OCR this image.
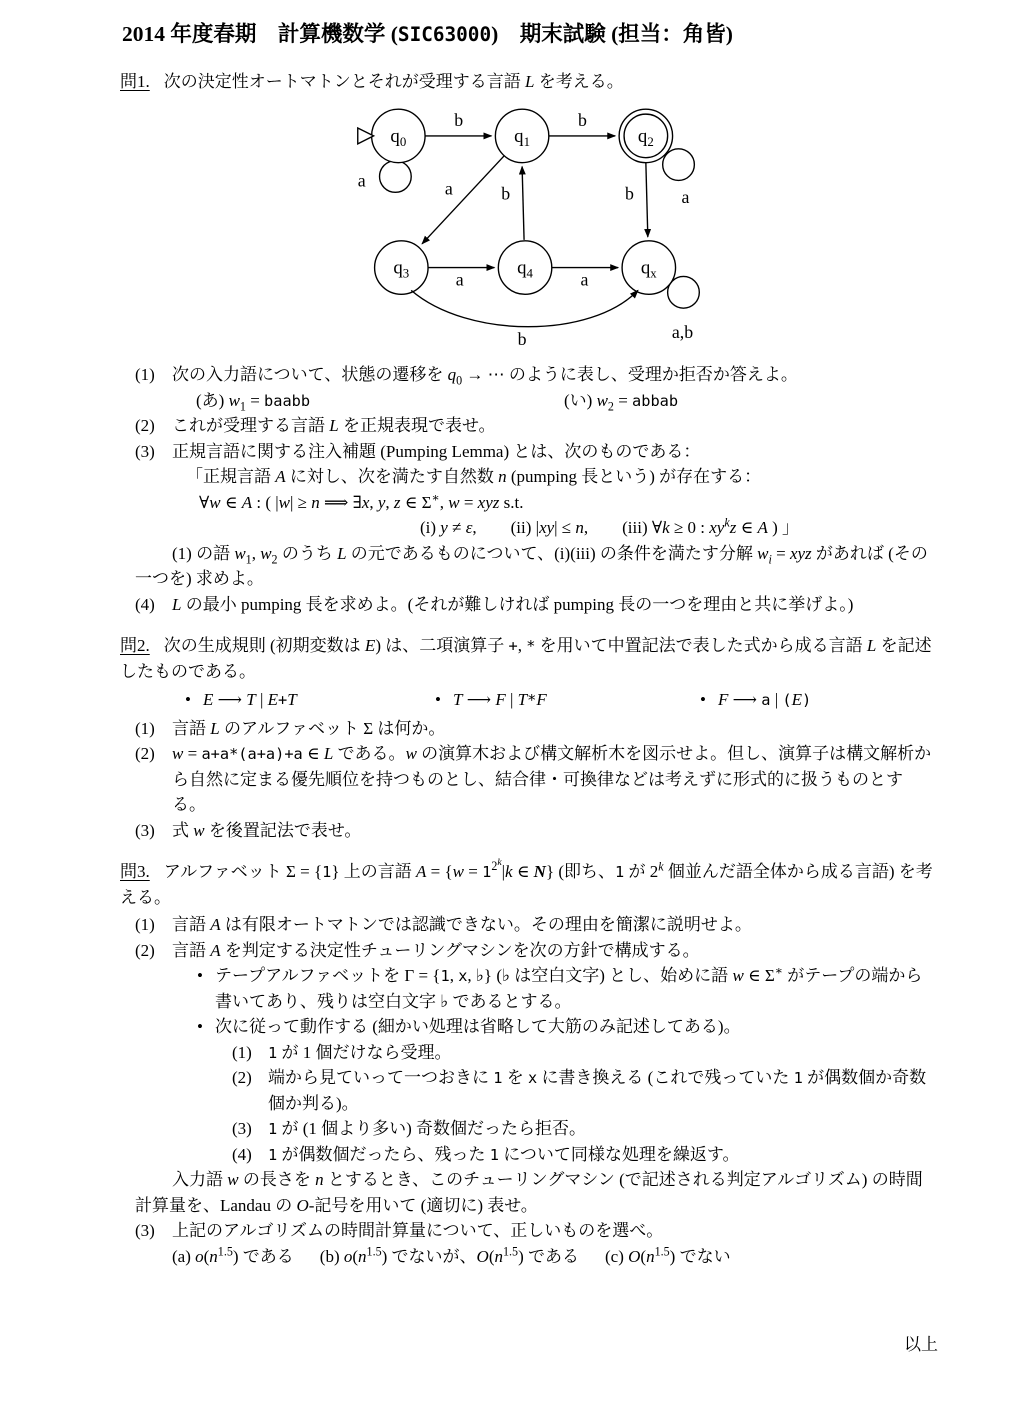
2014 年度春期　計算機数学 (SIC63000)　期末試験 (担当：角皆)

問1. 次の決定性オートマトンとそれが受理する言語 L を考える。

$q_0$	$q_1$	$q_2$
$q_3$	$q_4$	$q_x$
b	b
a	a	b	b	a
a	a
b	a,b
(1)	次の入力語について、状態の遷移を $q_0$ → ⋯ のように表し、受理か拒否か答えよ。
(あ) $w_1$ = baabb	(い) $w_2$ = abbab
(2)	これが受理する言語 L を正規表現で表せ。
(3)	正規言語に関する注入補題 (Pumping Lemma) とは、次のものである：
「正規言語 A に対し、次を満たす自然数 n (pumping 長という) が存在する：
∀w ∈ A : ( |w| ≥ n ⟹ ∃x, y, z ∈ Σ∗, w = xyz s.t.
(i) y ≠ ε,　　(ii) |xy| ≤ n,　　(iii) ∀k ≥ 0 : $xy^kz$ ∈ A ) 」
(1) の語 $w_1$, $w_2$ のうち L の元であるものについて、(i)(iii) の条件を満たす分解 $w_i$ = xyz があれば (その一つを) 求めよ。
(4)	L の最小 pumping 長を求めよ。(それが難しければ pumping 長の一つを理由と共に挙げよ。)

問2. 次の生成規則 (初期変数は E) は、二項演算子 +, * を用いて中置記法で表した式から成る言語 L を記述したものである。

• E ⟶ T | E+T	• T ⟶ F | T*F	• F ⟶ a | (E)
(1)	言語 L のアルファベット Σ は何か。
(2)	w = a+a*(a+a)+a ∈ L である。w の演算木および構文解析木を図示せよ。但し、演算子は構文解析から自然に定まる優先順位を持つものとし、結合律・可換律などは考えずに形式的に扱うものとする。
(3)	式 w を後置記法で表せ。

問3. アルファベット Σ = {1} 上の言語 $A = \{w = 1^{2^k}|k$ ∈ N} (即ち、1 が 2$^k$ 個並んだ語全体から成る言語) を考える。

(1)	言語 A は有限オートマトンでは認識できない。その理由を簡潔に説明せよ。
(2)	言語 A を判定する決定性チューリングマシンを次の方針で構成する。
• テープアルファベットを Γ = {1, x, ♭} (♭ は空白文字) とし、始めに語 w ∈ Σ∗ がテープの端から書いてあり、残りは空白文字 ♭ であるとする。
• 次に従って動作する (細かい処理は省略して大筋のみ記述してある)。
(1)	1 が 1 個だけなら受理。
(2) 端から見ていって一つおきに 1 を x に書き換える (これで残っていた 1 が偶数個か奇数個か判る)。
(3)	1 が (1 個より多い) 奇数個だったら拒否。
(4)	1 が偶数個だったら、残った 1 について同様な処理を繰返す。
入力語 w の長さを n とするとき、このチューリングマシン (で記述される判定アルゴリズム) の時間計算量を、Landau の O-記号を用いて (適切に) 表せ。
(3)	上記のアルゴリズムの時間計算量について、正しいものを選べ。
(a) $o(n^{1.5})$ である (b) $o(n^{1.5})$ でないが、$O(n^{1.5})$ である (c) $O(n^{1.5})$ でない
以上
